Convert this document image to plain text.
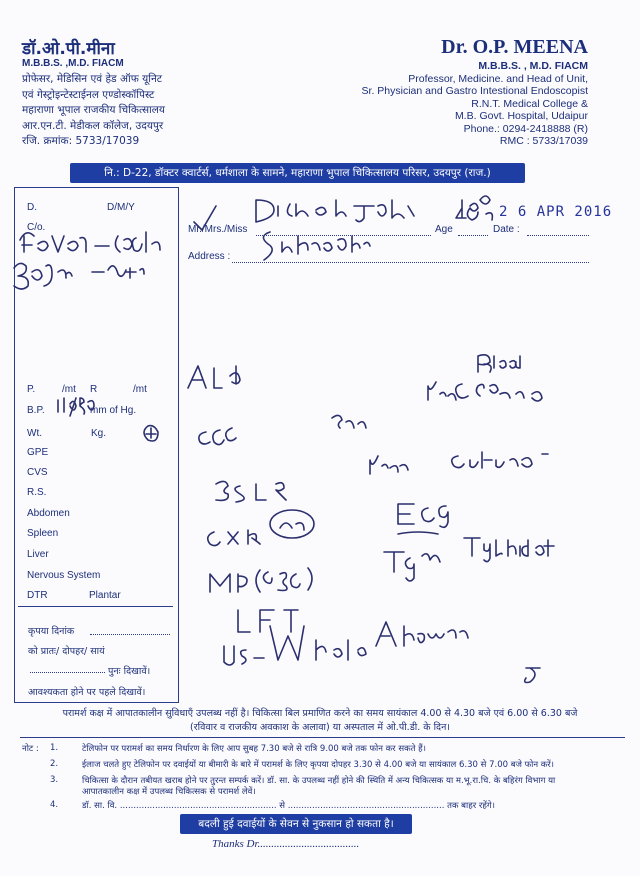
डॉ.ओ.पी.मीना
M.B.B.S. ,M.D. FIACM
प्रोफेसर, मेडिसिन एवं हेड ऑफ यूनिट
एवं गेस्ट्रोइन्टेस्टाईनल एण्डोस्कॉपिस्ट
महाराणा भूपाल राजकीय चिकित्सालय
आर.एन.टी. मेडीकल कॉलेज, उदयपुर
रजि. क्रमांक: 5733/17039
Dr. O.P. MEENA
M.B.B.S. , M.D. FIACM
Professor, Medicine. and Head of Unit,
Sr. Physician and Gastro Intestional Endoscopist
R.N.T. Medical College &
M.B. Govt. Hospital, Udaipur
Phone.: 0294-2418888 (R)
RMC : 5733/17039
नि.: D-22, डॉक्टर क्वार्टर्स, धर्मशाला के सामने, महाराणा भुपाल चिकित्सालय परिसर, उदयपुर (राज.)
D.	D/M/Y
C/o.
P.	/mt R	/mt
B.P.	mm of Hg.
Wt.	Kg.
GPE
CVS
R.S.
Abdomen
Spleen
Liver
Nervous System
DTR	Plantar
कृपया दिनांक
को प्रातः/ दोपहर/ सायं
पुनः दिखावें।
आवश्यकता होने पर पहले दिखावें।
Mr./Mrs./Miss	Age	Date :
Address :
2 6 APR 2016
परामर्श कक्ष में आपातकालीन सुविधाएँ उपलब्ध नहीं है। चिकित्सा बिल प्रमाणित करने का समय सायंकाल 4.00 से 4.30 बजे एवं 6.00 से 6.30 बजे
(रविवार व राजकीय अवकाश के अलावा) या अस्पताल में ओ.पी.डी. के दिन।
नोट : 1.	टेलिफोन पर परामर्श का समय निर्धारण के लिए आप सुबह 7.30 बजे से रात्रि 9.00 बजे तक फोन कर सकते हैं।
2.	ईलाज चलते हुए टेलिफोन पर दवाईयों या बीमारी के बारे में परामर्श के लिए कृपया दोपहर 3.30 से 4.00 बजे या सायंकाल 6.30 से 7.00 बजे फोन करें।
3.	चिकित्सा के दौरान तबीयत खराब होने पर तुरन्त सम्पर्क करें। डॉ. सा. के उपलब्ध नहीं होने की स्थिति में अन्य चिकित्सक या म.भू.रा.चि. के बहिरंग विभाग या
आपातकालीन कक्ष में उपलब्ध चिकित्सक से परामर्श लेवें।
4.	डॉ. सा. वि. .......................................................... से .......................................................... तक बाहर रहेंगे।
बदली हुई दवाईयों के सेवन से नुकसान हो सकता है।
Thanks Dr.....................................
